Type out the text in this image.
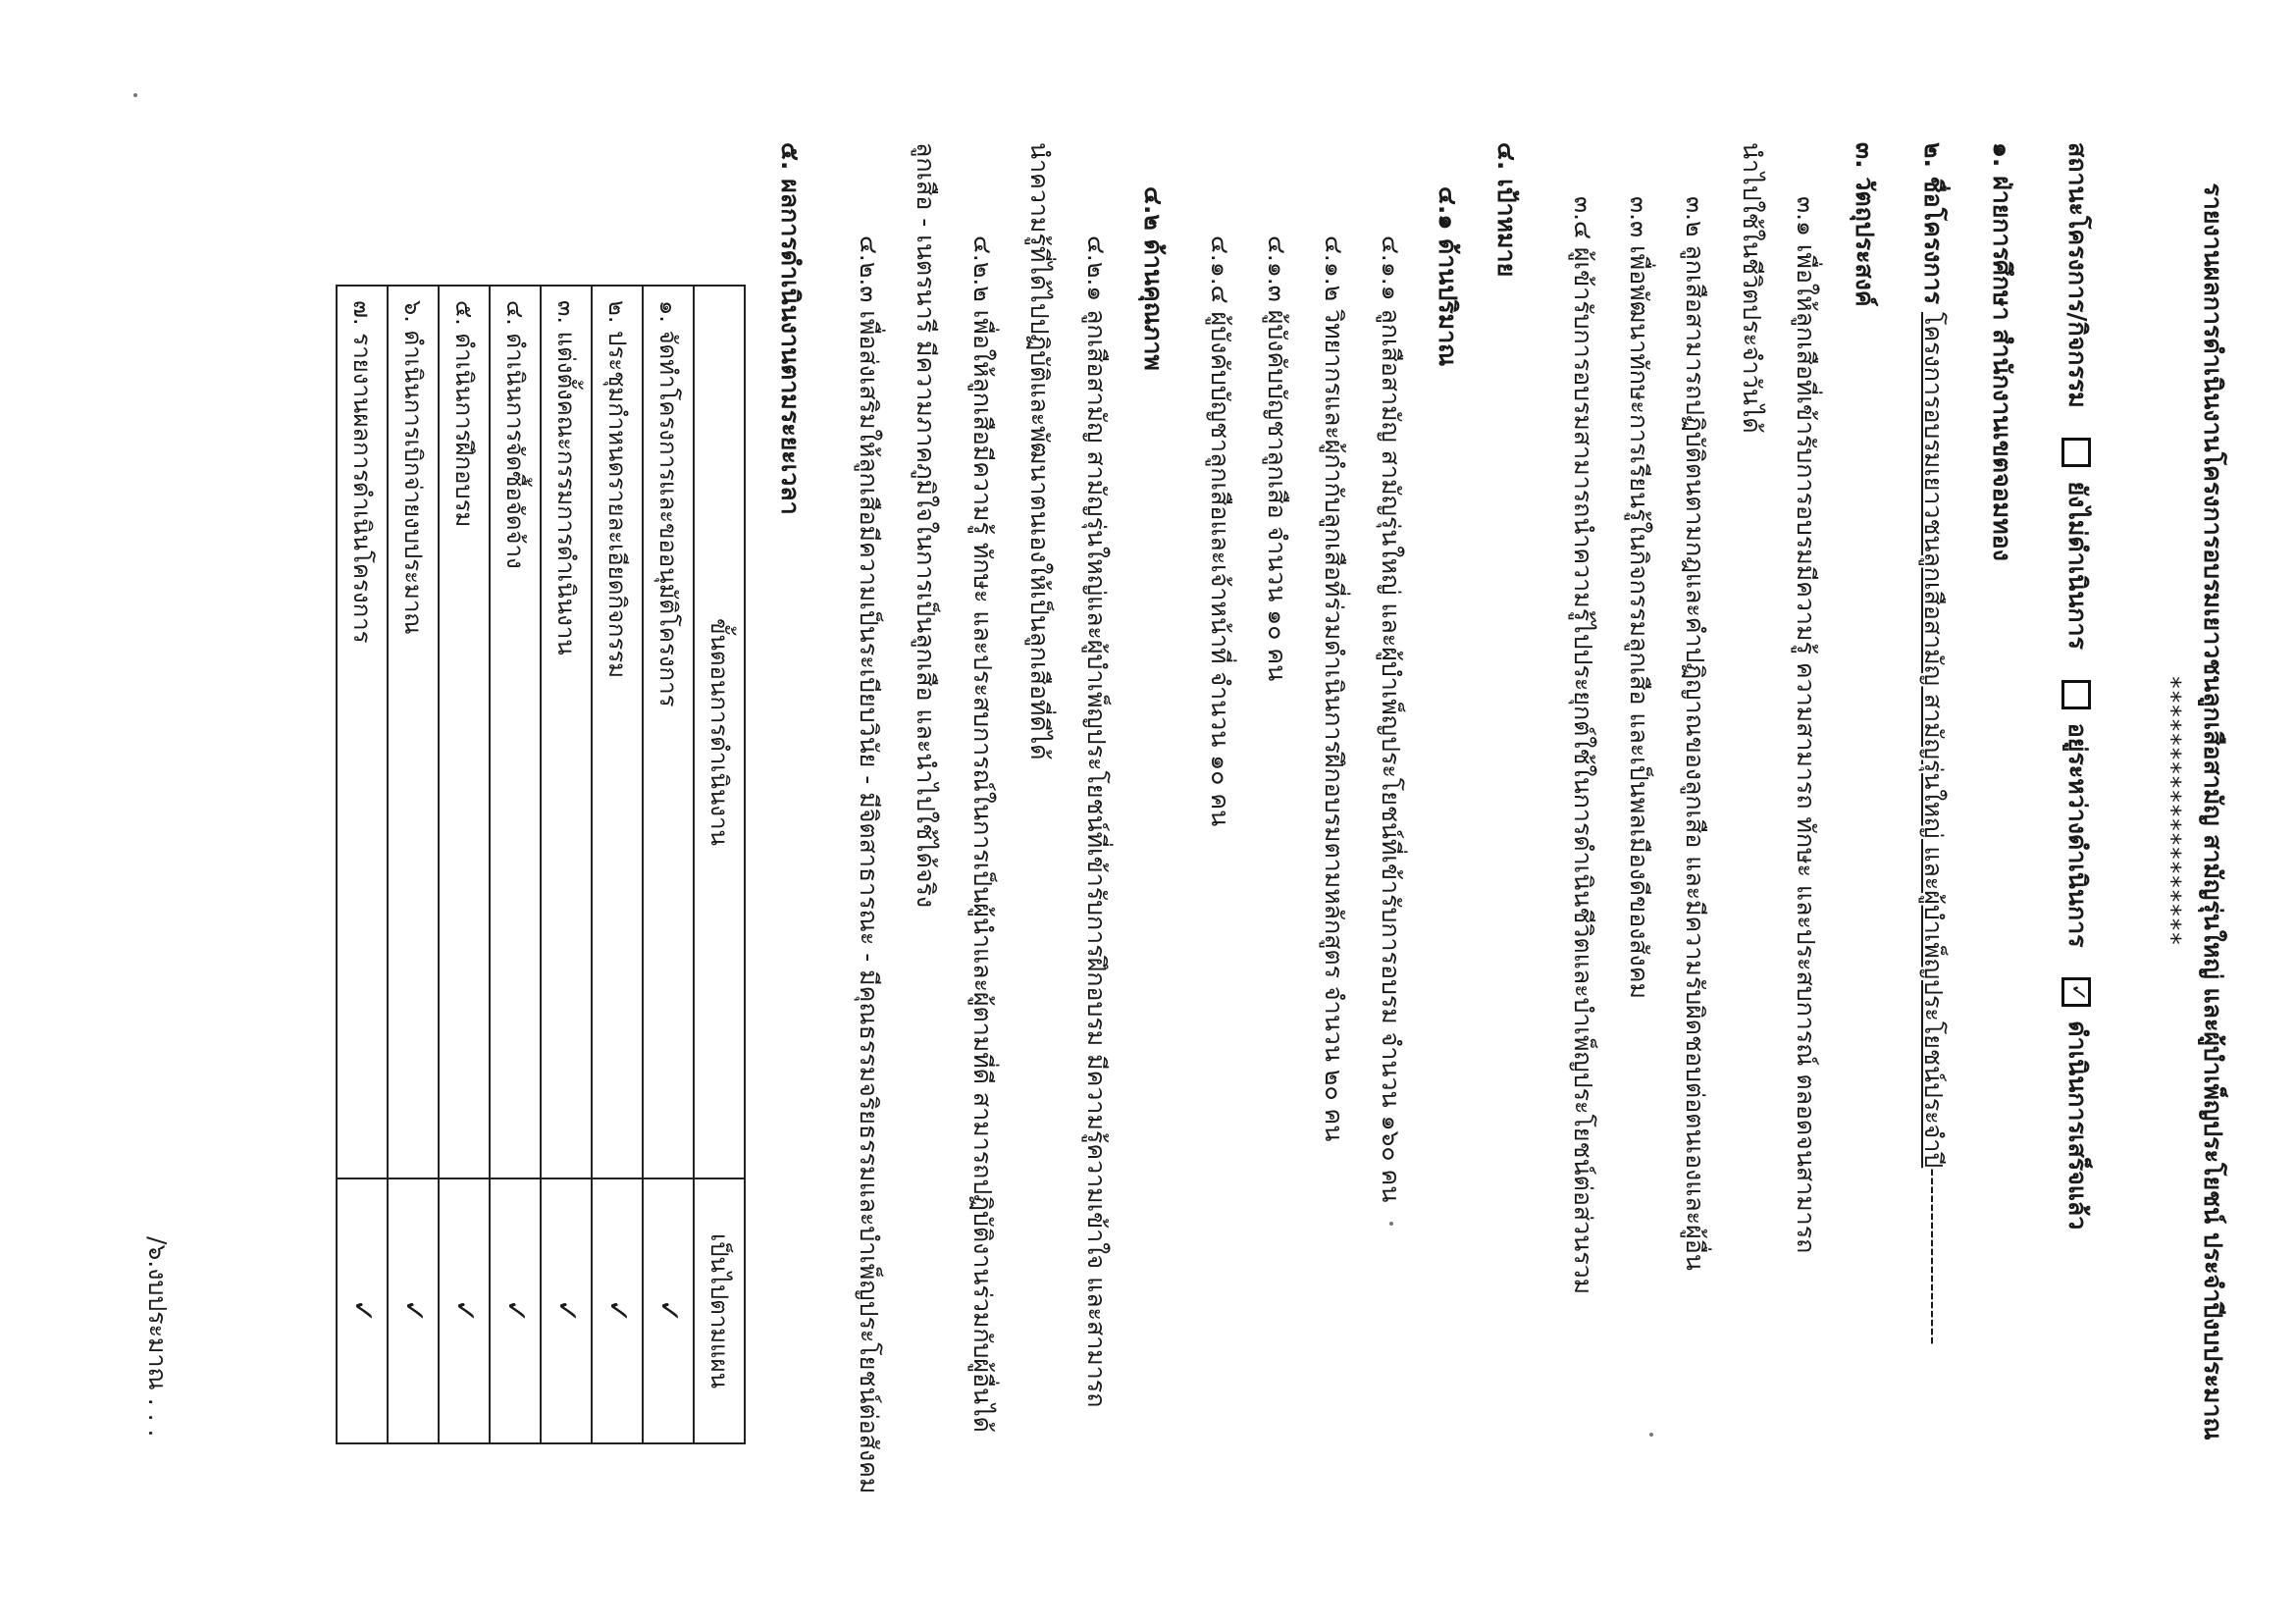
รายงานผลการดำเนินงานโครงการอบรมเยาวชนลูกเสือสามัญ สามัญรุ่นใหญ่ และผู้บำเพ็ญประโยชน์ ประจำปีงบประมาณ
*******************
สถานะโครงการ/กิจกรรม ยังไม่ดำเนินการ อยู่ระหว่างดำเนินการ ✓ดำเนินการเสร็จแล้ว
๑. ฝ่ายการศึกษา สำนักงานเขตจอมทอง
๒. ชื่อโครงการ โครงการอบรมเยาวชนลูกเสือสามัญ สามัญรุ่นใหญ่ และผู้บำเพ็ญประโยชน์ประจำปี--------------------
๓. วัตถุประสงค์
๓.๑ เพื่อให้ลูกเสือที่เข้ารับการอบรมมีความรู้ ความสามารถ ทักษะ และประสบการณ์ ตลอดจนสามารถ
นำไปใช้ในชีวิตประจำวันได้
๓.๒ ลูกเสือสามารถปฏิบัติตนตามกฎและคำปฏิญาณของลูกเสือ และมีความรับผิดชอบต่อตนเองและผู้อื่น
๓.๓ เพื่อพัฒนาทักษะการเรียนรู้ในกิจกรรมลูกเสือ และเป็นพลเมืองดีของสังคม
๓.๔ ผู้เข้ารับการอบรมสามารถนำความรู้ไปประยุกต์ใช้ในการดำเนินชีวิตและบำเพ็ญประโยชน์ต่อส่วนรวม
๔. เป้าหมาย
๔.๑ ด้านปริมาณ
๔.๑.๑ ลูกเสือสามัญ สามัญรุ่นใหญ่ และผู้บำเพ็ญประโยชน์ที่เข้ารับการอบรม จำนวน ๑๖๐ คน
๔.๑.๒ วิทยากรและผู้กำกับลูกเสือที่ร่วมดำเนินการฝึกอบรมตามหลักสูตร จำนวน ๒๐ คน
๔.๑.๓ ผู้บังคับบัญชาลูกเสือ จำนวน ๑๐ คน
๔.๑.๔ ผู้บังคับบัญชาลูกเสือและเจ้าหน้าที่ จำนวน ๑๐ คน
๔.๒ ด้านคุณภาพ
๔.๒.๑ ลูกเสือสามัญ สามัญรุ่นใหญ่และผู้บำเพ็ญประโยชน์ที่เข้ารับการฝึกอบรม มีความรู้ความเข้าใจ และสามารถ
นำความรู้ที่ได้ไปปฏิบัติและพัฒนาตนเองให้เป็นลูกเสือที่ดีได้
๔.๒.๒ เพื่อให้ลูกเสือมีความรู้ ทักษะ และประสบการณ์ในการเป็นผู้นำและผู้ตามที่ดี สามารถปฏิบัติงานร่วมกับผู้อื่นได้
ลูกเสือ - เนตรนารี มีความภาคภูมิใจในการเป็นลูกเสือ และนำไปใช้ได้จริง
๔.๒.๓ เพื่อส่งเสริมให้ลูกเสือมีความเป็นระเบียบวินัย - มีจิตสาธารณะ - มีคุณธรรมจริยธรรมและบำเพ็ญประโยชน์ต่อสังคม
๕. ผลการดำเนินงานตามระยะเวลา
ขั้นตอนการดำเนินงาน	เป็นไปตามแผน
๑. จัดทำโครงการและขออนุมัติโครงการ	✓
๒. ประชุมกำหนดรายละเอียดกิจกรรม	✓
๓. แต่งตั้งคณะกรรมการดำเนินงาน	✓
๔. ดำเนินการจัดซื้อจัดจ้าง	✓
๕. ดำเนินการฝึกอบรม	✓
๖. ดำเนินการเบิกจ่ายงบประมาณ	✓
๗. รายงานผลการดำเนินโครงการ	✓
/๖.งบประมาณ . . .
